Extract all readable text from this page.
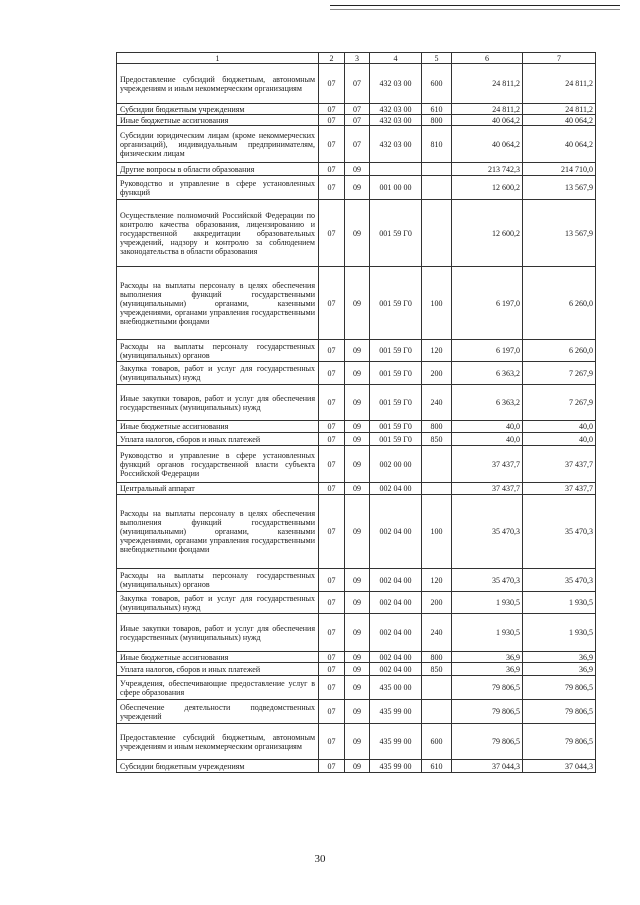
1	2	3	4	5	6	7
Предоставление субсидий бюджетным, автономным учреждениям и иным некоммерческим организациям	07	07	432 03 00	600	24 811,2	24 811,2
Субсидии бюджетным учреждениям	07	07	432 03 00	610	24 811,2	24 811,2
Иные бюджетные ассигнования	07	07	432 03 00	800	40 064,2	40 064,2
Субсидии юридическим лицам (кроме некоммерческих организаций), индивидуальным предпринимателям, физическим лицам	07	07	432 03 00	810	40 064,2	40 064,2
Другие вопросы в области образования	07	09			213 742,3	214 710,0
Руководство и управление в сфере установленных функций	07	09	001 00 00		12 600,2	13 567,9
Осуществление полномочий Российской Федерации по контролю качества образования, лицензированию и государственной аккредитации образовательных учреждений, надзору и контролю за соблюдением законодательства в области образования	07	09	001 59 Г0		12 600,2	13 567,9
Расходы на выплаты персоналу в целях обеспечения выполнения функций государственными (муниципальными) органами, казенными учреждениями, органами управления государственными внебюджетными фондами	07	09	001 59 Г0	100	6 197,0	6 260,0
Расходы на выплаты персоналу государственных (муниципальных) органов	07	09	001 59 Г0	120	6 197,0	6 260,0
Закупка товаров, работ и услуг для государственных (муниципальных) нужд	07	09	001 59 Г0	200	6 363,2	7 267,9
Иные закупки товаров, работ и услуг для обеспечения государственных (муниципальных) нужд	07	09	001 59 Г0	240	6 363,2	7 267,9
Иные бюджетные ассигнования	07	09	001 59 Г0	800	40,0	40,0
Уплата налогов, сборов и иных платежей	07	09	001 59 Г0	850	40,0	40,0
Руководство и управление в сфере установленных функций органов государственной власти субъекта Российской Федерации	07	09	002 00 00		37 437,7	37 437,7
Центральный аппарат	07	09	002 04 00		37 437,7	37 437,7
Расходы на выплаты персоналу в целях обеспечения выполнения функций государственными (муниципальными) органами, казенными учреждениями, органами управления государственными внебюджетными фондами	07	09	002 04 00	100	35 470,3	35 470,3
Расходы на выплаты персоналу государственных (муниципальных) органов	07	09	002 04 00	120	35 470,3	35 470,3
Закупка товаров, работ и услуг для государственных (муниципальных) нужд	07	09	002 04 00	200	1 930,5	1 930,5
Иные закупки товаров, работ и услуг для обеспечения государственных (муниципальных) нужд	07	09	002 04 00	240	1 930,5	1 930,5
Иные бюджетные ассигнования	07	09	002 04 00	800	36,9	36,9
Уплата налогов, сборов и иных платежей	07	09	002 04 00	850	36,9	36,9
Учреждения, обеспечивающие предоставление услуг в сфере образования	07	09	435 00 00		79 806,5	79 806,5
Обеспечение деятельности подведомственных учреждений	07	09	435 99 00		79 806,5	79 806,5
Предоставление субсидий бюджетным, автономным учреждениям и иным некоммерческим организациям	07	09	435 99 00	600	79 806,5	79 806,5
Субсидии бюджетным учреждениям	07	09	435 99 00	610	37 044,3	37 044,3
30
